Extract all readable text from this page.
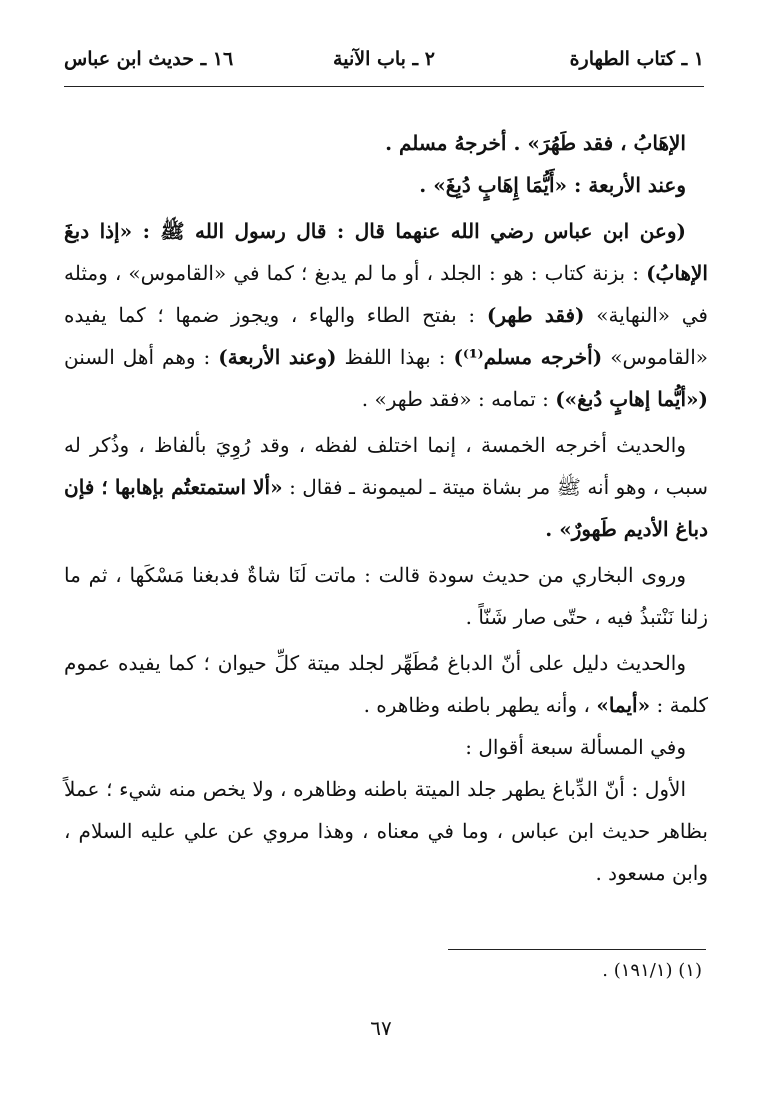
١ ـ كتاب الطهارة
٢ ـ باب الآنية
١٦ ـ حديث ابن عباس

الإهَابُ ، فقد طَهُرَ» . أخرجهُ مسلم .

وعند الأربعة : «أَيُّمَا إِهَابٍ دُبِغَ» .

(وعن ابن عباس رضي الله عنهما قال : قال رسول الله ﷺ : «إذا دبغَ الإهابُ) : بزنة كتاب : هو : الجلد ، أو ما لم يدبغ ؛ كما في «القاموس» ، ومثله في «النهاية» (فقد طهر) : بفتح الطاء والهاء ، ويجوز ضمها ؛ كما يفيده «القاموس» (أخرجه مسلم⁽¹⁾) : بهذا اللفظ (وعند الأربعة) : وهم أهل السنن («أيُّما إهابٍ دُبغ») : تمامه : «فقد طهر» .

والحديث أخرجه الخمسة ، إنما اختلف لفظه ، وقد رُوِيَ بألفاظ ، وذُكر له سبب ، وهو أنه ﷺ مر بشاة ميتة ـ لميمونة ـ فقال : «ألا استمتعتُم بإهابها ؛ فإن دباغ الأديم طَهورٌ» .

وروى البخاري من حديث سودة قالت : ماتت لَنَا شاةٌ فدبغنا مَسْكَها ، ثم ما زلنا نَنْتبذُ فيه ، حتّى صار شَنّاً .

والحديث دليل على أنّ الدباغ مُطَهِّر لجلد ميتة كلِّ حيوان ؛ كما يفيده عموم كلمة : «أيما» ، وأنه يطهر باطنه وظاهره .

وفي المسألة سبعة أقوال :

الأول : أنّ الدِّباغ يطهر جلد الميتة باطنه وظاهره ، ولا يخص منه شيء ؛ عملاً بظاهر حديث ابن عباس ، وما في معناه ، وهذا مروي عن علي عليه السلام ، وابن مسعود .

(١) (١٩١/١) .
٦٧
